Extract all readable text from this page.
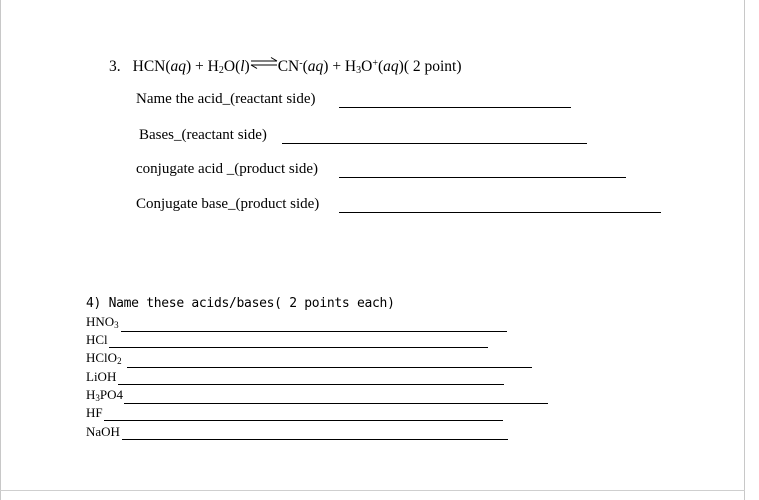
3. $HCN(aq) + H_2O(l)\rightleftharpoons CN^-(aq) + H_3O^+(aq)$( 2 point)
Name the acid_(reactant side)
Bases_(reactant side)
conjugate acid _(product side)
Conjugate base_(product side)
4) Name these acids/bases( 2 points each)
$HNO_3$
HCl
HClO$_2$
LiOH
$H_3PO4$
HF
NaOH
